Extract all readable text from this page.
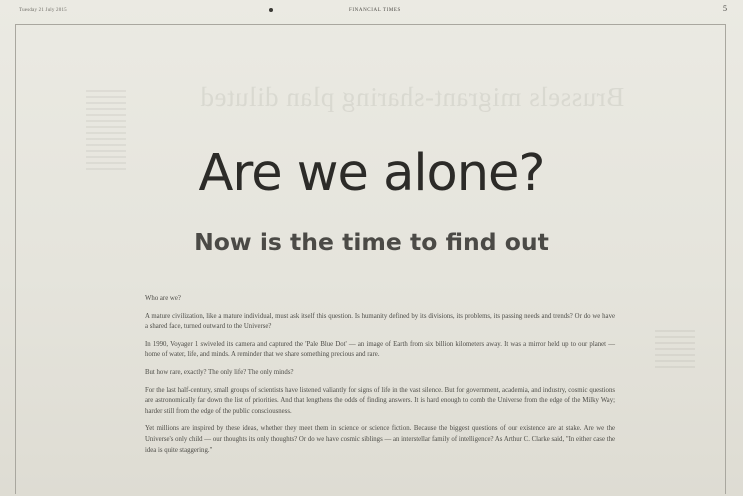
Tuesday 21 July 2015	FINANCIAL TIMES	5
Brussels migrant-sharing plan diluted
Are we alone?
Now is the time to find out

Who are we?

A mature civilization, like a mature individual, must ask itself this question. Is humanity defined by its divisions, its problems, its passing needs and trends? Or do we have a shared face, turned outward to the Universe?

In 1990, Voyager 1 swiveled its camera and captured the 'Pale Blue Dot' — an image of Earth from six billion kilometers away. It was a mirror held up to our planet — home of water, life, and minds. A reminder that we share something precious and rare.

But how rare, exactly? The only life? The only minds?

For the last half-century, small groups of scientists have listened valiantly for signs of life in the vast silence. But for government, academia, and industry, cosmic questions are astronomically far down the list of priorities. And that lengthens the odds of finding answers. It is hard enough to comb the Universe from the edge of the Milky Way; harder still from the edge of the public consciousness.

Yet millions are inspired by these ideas, whether they meet them in science or science fiction. Because the biggest questions of our existence are at stake. Are we the Universe's only child — our thoughts its only thoughts? Or do we have cosmic siblings — an interstellar family of intelligence? As Arthur C. Clarke said, "In either case the idea is quite staggering."
